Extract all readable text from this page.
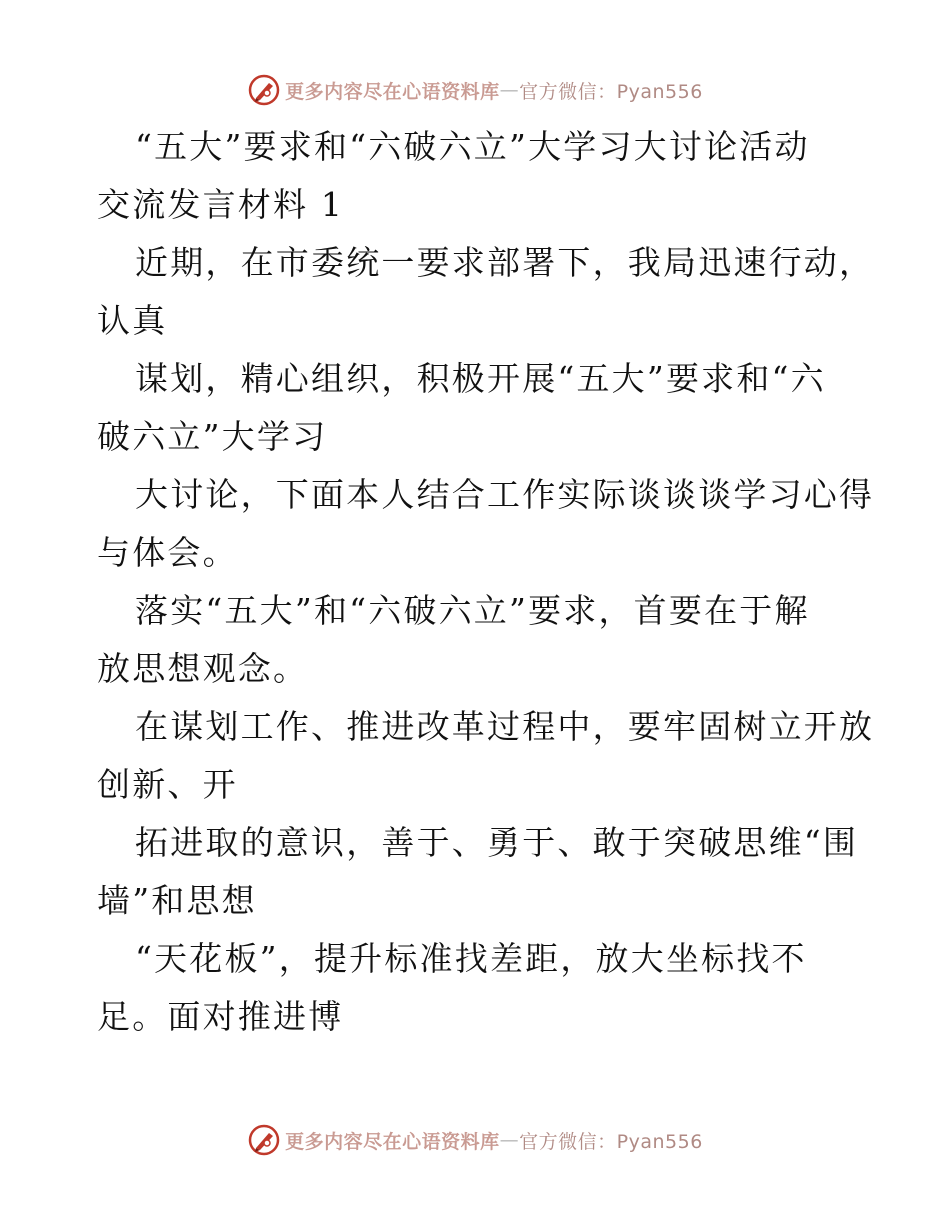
更多内容尽在心语资料库 — 官方微信：Pyan556
“五大”要求和“六破六立”大学习大讨论活动
交流发言材料 1
近期，在市委统一要求部署下，我局迅速行动，
认真
谋划，精心组织，积极开展“五大”要求和“六
破六立”大学习
大讨论，下面本人结合工作实际谈谈谈学习心得
与体会。
落实“五大”和“六破六立”要求，首要在于解
放思想观念。
在谋划工作、推进改革过程中，要牢固树立开放
创新、开
拓进取的意识，善于、勇于、敢于突破思维“围
墙”和思想
“天花板”，提升标准找差距，放大坐标找不
足。面对推进博
更多内容尽在心语资料库 — 官方微信：Pyan556
